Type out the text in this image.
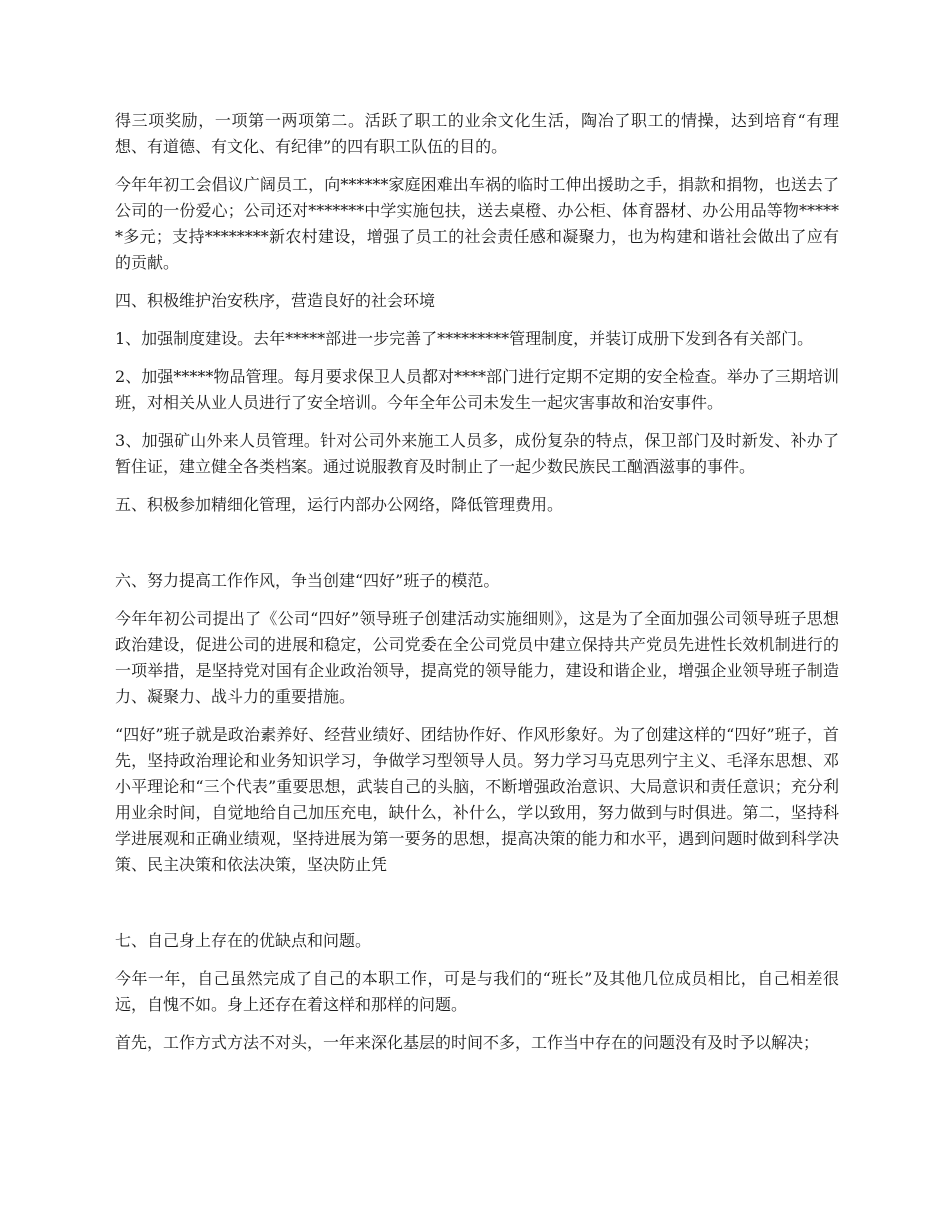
得三项奖励，一项第一两项第二。活跃了职工的业余文化生活，陶冶了职工的情操，达到培育“有理想、有道德、有文化、有纪律”的四有职工队伍的目的。

今年年初工会倡议广阔员工，向******家庭困难出车祸的临时工伸出援助之手，捐款和捐物，也送去了公司的一份爱心；公司还对*******中学实施包扶，送去桌橙、办公柜、体育器材、办公用品等物******多元；支持********新农村建设，增强了员工的社会责任感和凝聚力，也为构建和谐社会做出了应有的贡献。

四、积极维护治安秩序，营造良好的社会环境

1、加强制度建设。去年*****部进一步完善了*********管理制度，并装订成册下发到各有关部门。

2、加强*****物品管理。每月要求保卫人员都对****部门进行定期不定期的安全检查。举办了三期培训班，对相关从业人员进行了安全培训。今年全年公司未发生一起灾害事故和治安事件。

3、加强矿山外来人员管理。针对公司外来施工人员多，成份复杂的特点，保卫部门及时新发、补办了暂住证，建立健全各类档案。通过说服教育及时制止了一起少数民族民工酗酒滋事的事件。

五、积极参加精细化管理，运行内部办公网络，降低管理费用。

六、努力提高工作作风，争当创建“四好”班子的模范。

今年年初公司提出了《公司“四好”领导班子创建活动实施细则》，这是为了全面加强公司领导班子思想政治建设，促进公司的进展和稳定，公司党委在全公司党员中建立保持共产党员先进性长效机制进行的一项举措，是坚持党对国有企业政治领导，提高党的领导能力，建设和谐企业，增强企业领导班子制造力、凝聚力、战斗力的重要措施。

“四好”班子就是政治素养好、经营业绩好、团结协作好、作风形象好。为了创建这样的“四好”班子，首先，坚持政治理论和业务知识学习，争做学习型领导人员。努力学习马克思列宁主义、毛泽东思想、邓小平理论和“三个代表”重要思想，武装自己的头脑，不断增强政治意识、大局意识和责任意识；充分利用业余时间，自觉地给自己加压充电，缺什么，补什么，学以致用，努力做到与时俱进。第二，坚持科学进展观和正确业绩观，坚持进展为第一要务的思想，提高决策的能力和水平，遇到问题时做到科学决策、民主决策和依法决策，坚决防止凭

七、自己身上存在的优缺点和问题。

今年一年，自己虽然完成了自己的本职工作，可是与我们的“班长”及其他几位成员相比，自己相差很远，自愧不如。身上还存在着这样和那样的问题。

首先，工作方式方法不对头，一年来深化基层的时间不多，工作当中存在的问题没有及时予以解决；
